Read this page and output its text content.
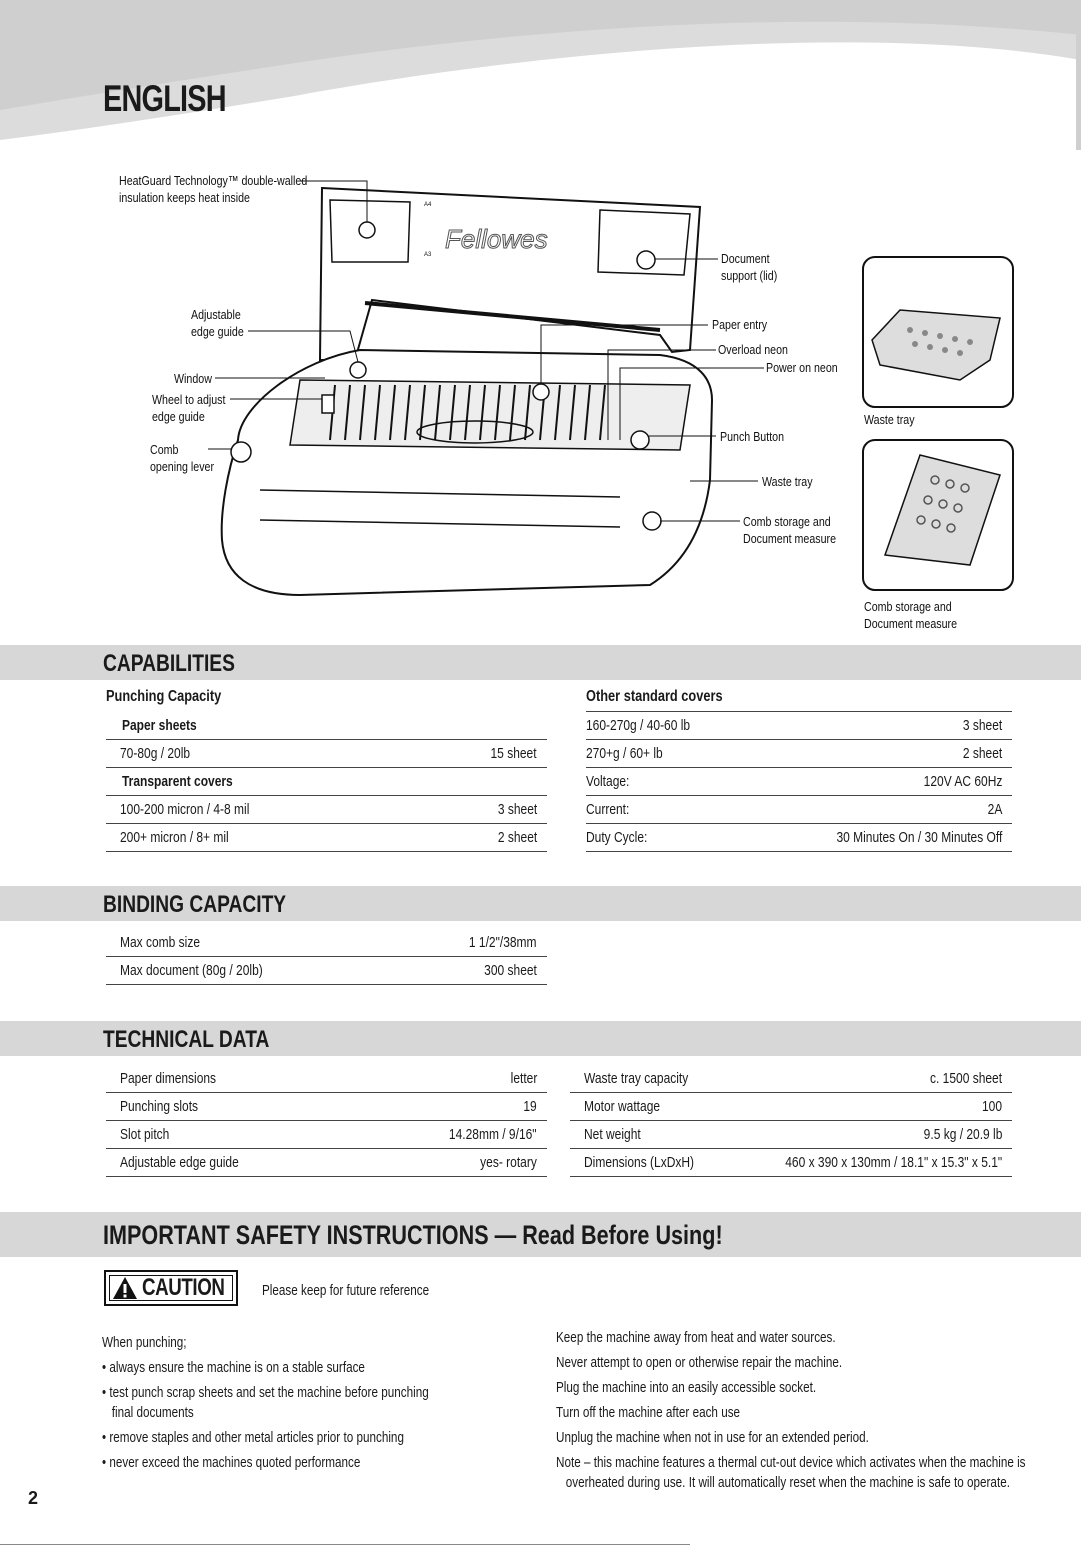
ENGLISH
Fellowes
A4
A3
HeatGuard Technology™ double-walled
insulation keeps heat inside
Adjustable
edge guide
Window
Wheel to adjust
edge guide
Comb
opening lever
Document
support (lid)
Paper entry
Overload neon
Power on neon
Punch Button
Waste tray
Comb storage and
Document measure
Waste tray
Comb storage and
Document measure
CAPABILITIES
Punching Capacity
Paper sheets
70-80g / 20lb	15 sheet
Transparent covers
100-200 micron / 4-8 mil	3 sheet
200+ micron / 8+ mil	2 sheet
Other standard covers
160-270g / 40-60 lb	3 sheet
270+g / 60+ lb	2 sheet
Voltage:	120V AC 60Hz
Current:	2A
Duty Cycle:	30 Minutes On / 30 Minutes Off
BINDING CAPACITY
Max comb size	1 1/2"/38mm
Max document (80g / 20lb)	300 sheet
TECHNICAL DATA
Paper dimensions	letter
Punching slots	19
Slot pitch	14.28mm / 9/16"
Adjustable edge guide	yes- rotary
Waste tray capacity	c. 1500 sheet
Motor wattage	100
Net weight	9.5 kg / 20.9 lb
Dimensions (LxDxH)	460 x 390 x 130mm / 18.1" x 15.3" x 5.1"
IMPORTANT SAFETY INSTRUCTIONS — Read Before Using!
CAUTION Please keep for future reference

When punching;

• always ensure the machine is on a stable surface

• test punch scrap sheets and set the machine before punching
final documents

• remove staples and other metal articles prior to punching

• never exceed the machines quoted performance

Keep the machine away from heat and water sources.

Never attempt to open or otherwise repair the machine.

Plug the machine into an easily accessible socket.

Turn off the machine after each use

Unplug the machine when not in use for an extended period.

Note – this machine features a thermal cut-out device which activates when the machine is
overheated during use. It will automatically reset when the machine is safe to operate.

2
